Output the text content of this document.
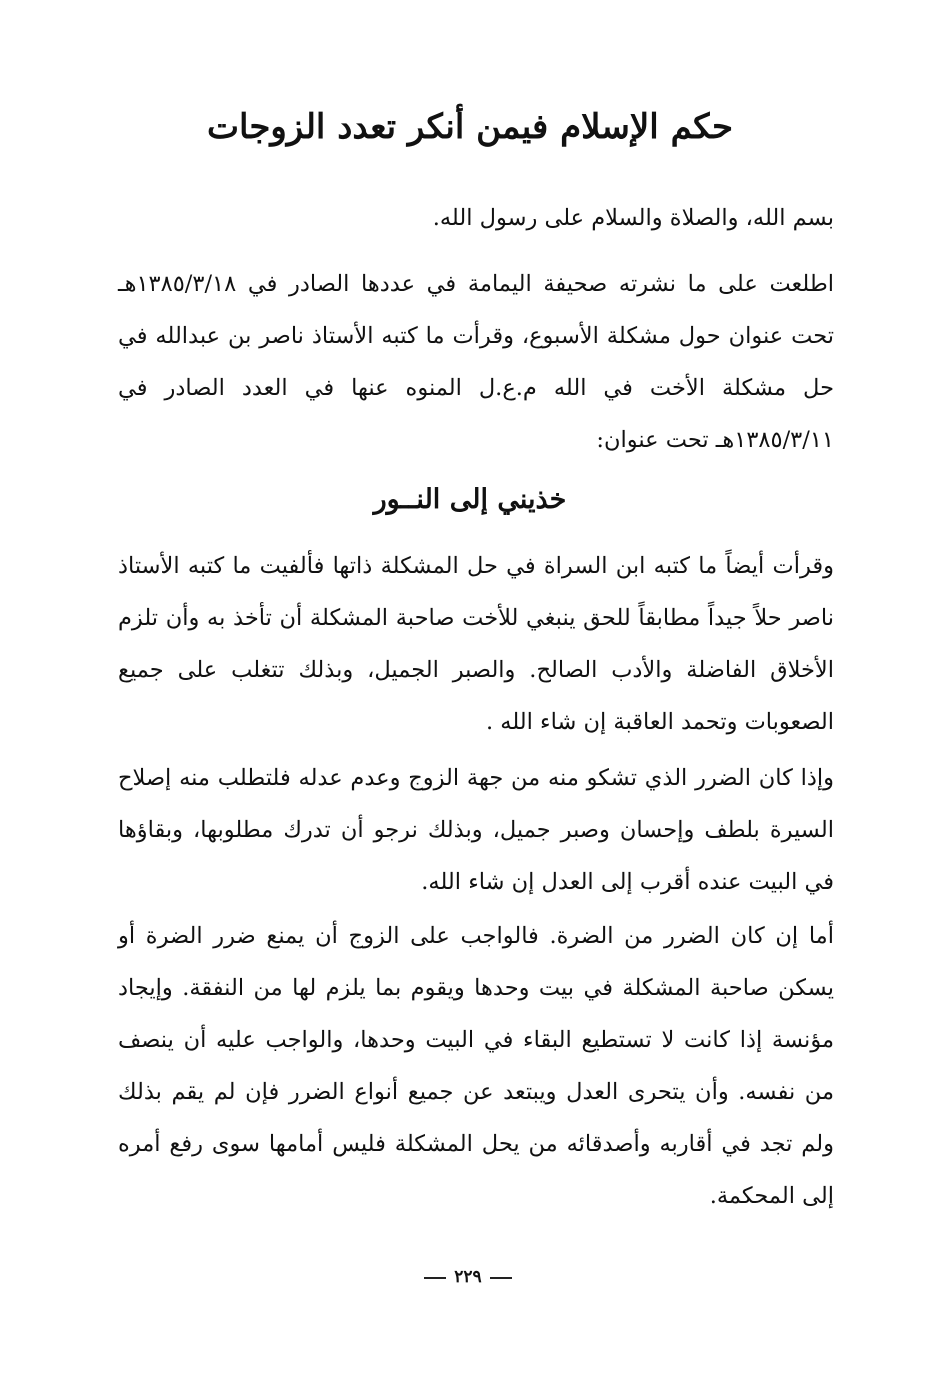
حكم الإسلام فيمن أنكر تعدد الزوجات

بسم الله، والصلاة والسلام على رسول الله.

اطلعت على ما نشرته صحيفة اليمامة في عددها الصادر في ١٣٨٥/٣/١٨هـ تحت عنوان حول مشكلة الأسبوع، وقرأت ما كتبه الأستاذ ناصر بن عبدالله في حل مشكلة الأخت في الله م.ع.ل المنوه عنها في العدد الصادر في ١٣٨٥/٣/١١هـ تحت عنوان:

خذيني إلى النــور

وقرأت أيضاً ما كتبه ابن السراة في حل المشكلة ذاتها فألفيت ما كتبه الأستاذ ناصر حلاً جيداً مطابقاً للحق ينبغي للأخت صاحبة المشكلة أن تأخذ به وأن تلزم الأخلاق الفاضلة والأدب الصالح. والصبر الجميل، وبذلك تتغلب على جميع الصعوبات وتحمد العاقبة إن شاء الله .

وإذا كان الضرر الذي تشكو منه من جهة الزوج وعدم عدله فلتطلب منه إصلاح السيرة بلطف وإحسان وصبر جميل، وبذلك نرجو أن تدرك مطلوبها، وبقاؤها في البيت عنده أقرب إلى العدل إن شاء الله.

أما إن كان الضرر من الضرة. فالواجب على الزوج أن يمنع ضرر الضرة أو يسكن صاحبة المشكلة في بيت وحدها ويقوم بما يلزم لها من النفقة. وإيجاد مؤنسة إذا كانت لا تستطيع البقاء في البيت وحدها، والواجب عليه أن ينصف من نفسه. وأن يتحرى العدل ويبتعد عن جميع أنواع الضرر فإن لم يقم بذلك ولم تجد في أقاربه وأصدقائه من يحل المشكلة فليس أمامها سوى رفع أمره إلى المحكمة.

٢٢٩
